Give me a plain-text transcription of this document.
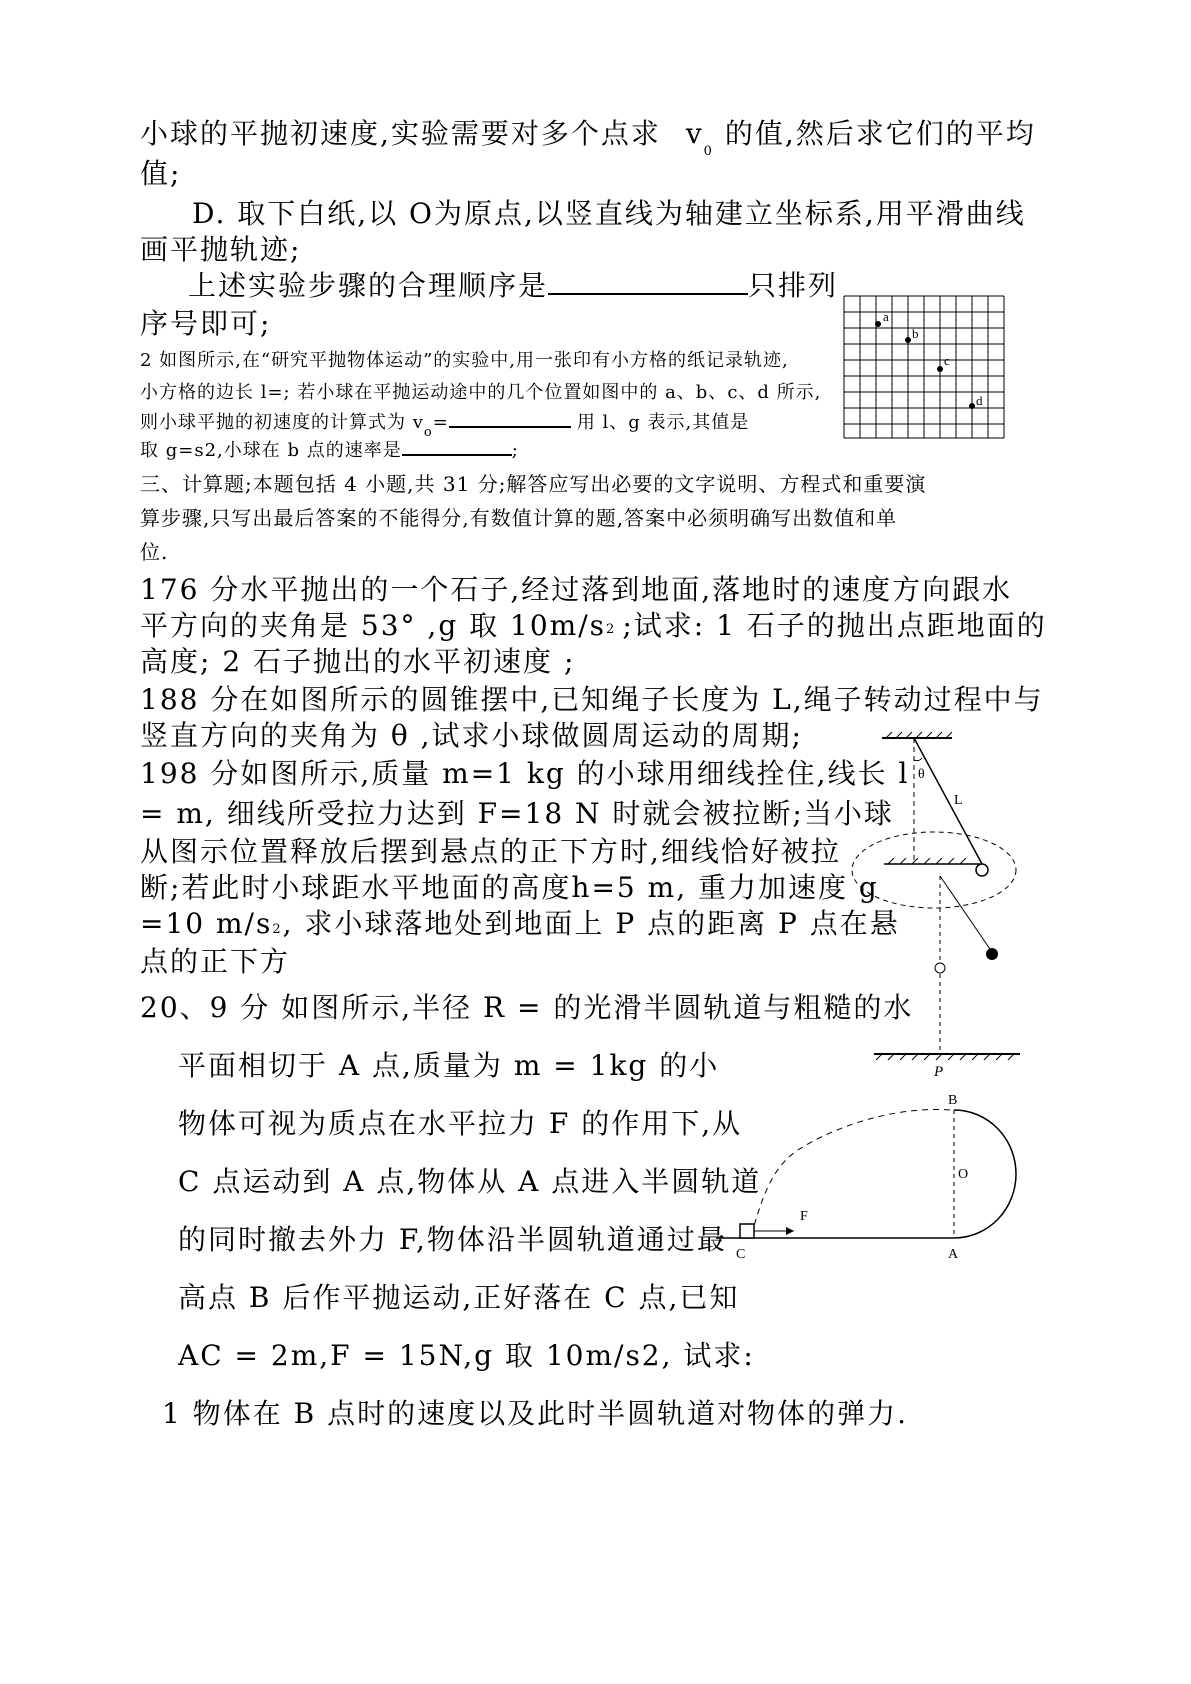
小球的平抛初速度,实验需要对多个点求 $v_0$ 的值,然后求它们的平均
值;
D. 取下白纸,以 O为原点,以竖直线为轴建立坐标系,用平滑曲线
画平抛轨迹;
上述实验步骤的合理顺序是	只排列
序号即可;
2 如图所示,在“研究平抛物体运动”的实验中,用一张印有小方格的纸记录轨迹,
小方格的边长 l=; 若小球在平抛运动途中的几个位置如图中的 a、b、c、d 所示,
则小球平抛的初速度的计算式为 $v_o=$	用 l、g 表示,其值是
取 g=s2,小球在 b 点的速率是	;
三、计算题;本题包括 4 小题,共 31 分;解答应写出必要的文字说明、方程式和重要演
算步骤,只写出最后答案的不能得分,有数值计算的题,答案中必须明确写出数值和单
位.
176 分水平抛出的一个石子,经过落到地面,落地时的速度方向跟水
平方向的夹角是 53° ,g 取 10m/s2 ;试求: 1 石子的抛出点距地面的
高度; 2 石子抛出的水平初速度 ;
188 分在如图所示的圆锥摆中,已知绳子长度为 L,绳子转动过程中与
竖直方向的夹角为 θ ,试求小球做圆周运动的周期;
198 分如图所示,质量 m=1 kg 的小球用细线拴住,线长 l
= m, 细线所受拉力达到 F=18 N 时就会被拉断;当小球
从图示位置释放后摆到悬点的正下方时,细线恰好被拉
断;若此时小球距水平地面的高度h=5 m, 重力加速度 g
=10 m/s2, 求小球落地处到地面上 P 点的距离 P 点在悬
点的正下方
20、9 分 如图所示,半径 R = 的光滑半圆轨道与粗糙的水
平面相切于 A 点,质量为 m = 1kg 的小
物体可视为质点在水平拉力 F 的作用下,从
C 点运动到 A 点,物体从 A 点进入半圆轨道
的同时撤去外力 F,物体沿半圆轨道通过最
高点 B 后作平抛运动,正好落在 C 点,已知
AC = 2m,F = 15N,g 取 10m/s2, 试求:
1 物体在 B 点时的速度以及此时半圆轨道对物体的弹力.
a
b
c
d
θ
L
P
F
B
O
C	A
